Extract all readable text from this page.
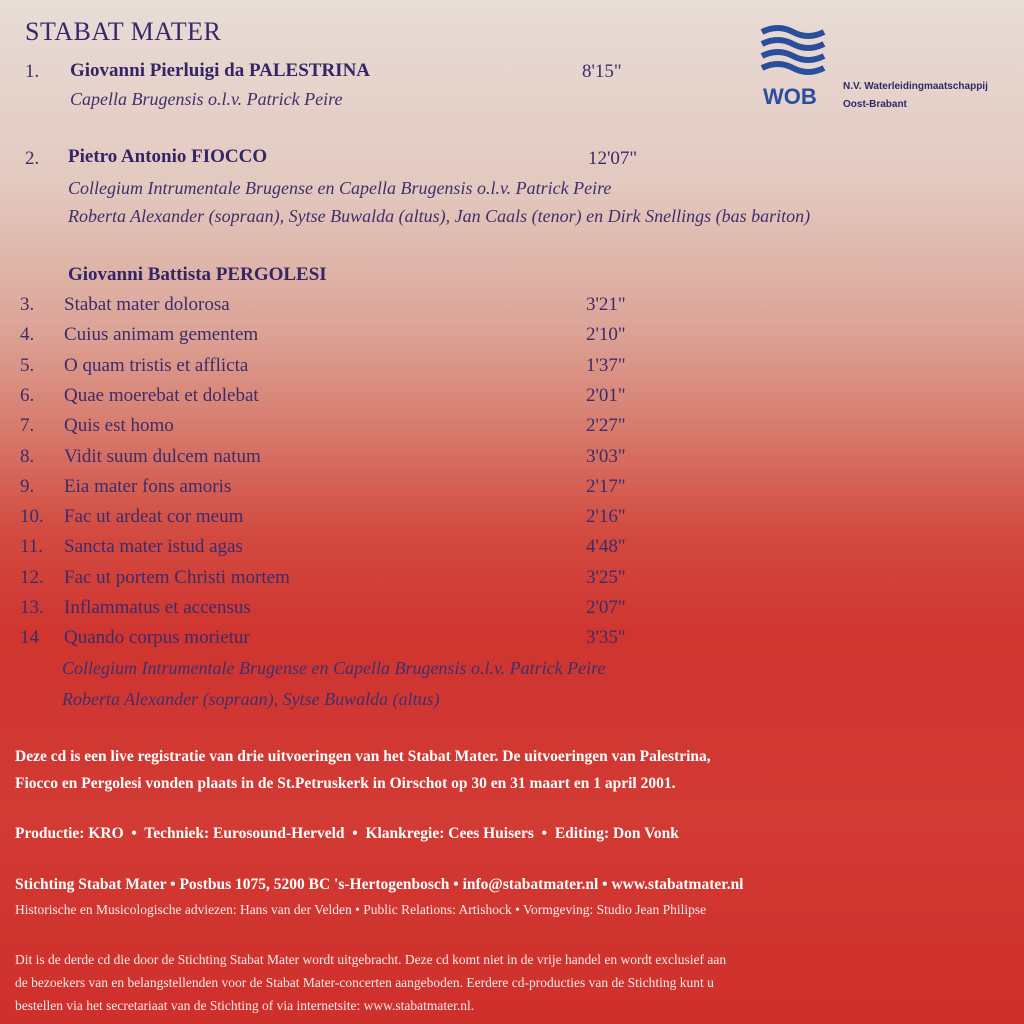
STABAT MATER
WOB	N.V. Waterleidingmaatschappij
Oost-Brabant
1. Giovanni Pierluigi da PALESTRINA	8'15"
Capella Brugensis o.l.v. Patrick Peire
2. Pietro Antonio FIOCCO	12'07"
Collegium Intrumentale Brugense en Capella Brugensis o.l.v. Patrick Peire
Roberta Alexander (sopraan), Sytse Buwalda (altus), Jan Caals (tenor) en Dirk Snellings (bas bariton)
Giovanni Battista PERGOLESI
3. Stabat mater dolorosa	3'21"
4. Cuius animam gementem	2'10"
5. O quam tristis et afflicta	1'37"
6. Quae moerebat et dolebat	2'01"
7. Quis est homo	2'27"
8. Vidit suum dulcem natum	3'03"
9. Eia mater fons amoris	2'17"
10. Fac ut ardeat cor meum	2'16"
11. Sancta mater istud agas	4'48"
12. Fac ut portem Christi mortem	3'25"
13. Inflammatus et accensus	2'07"
14 Quando corpus morietur	3'35"
Collegium Intrumentale Brugense en Capella Brugensis o.l.v. Patrick Peire
Roberta Alexander (sopraan), Sytse Buwalda (altus)
Deze cd is een live registratie van drie uitvoeringen van het Stabat Mater. De uitvoeringen van Palestrina,
Fiocco en Pergolesi vonden plaats in de St.Petruskerk in Oirschot op 30 en 31 maart en 1 april 2001.
Productie: KRO  •  Techniek: Eurosound-Herveld  •  Klankregie: Cees Huisers  •  Editing: Don Vonk
Stichting Stabat Mater • Postbus 1075, 5200 BC 's-Hertogenbosch • info@stabatmater.nl • www.stabatmater.nl
Historische en Musicologische adviezen: Hans van der Velden • Public Relations: Artishock • Vormgeving: Studio Jean Philipse
Dit is de derde cd die door de Stichting Stabat Mater wordt uitgebracht. Deze cd komt niet in de vrije handel en wordt exclusief aan
de bezoekers van en belangstellenden voor de Stabat Mater-concerten aangeboden. Eerdere cd-producties van de Stichting kunt u
bestellen via het secretariaat van de Stichting of via internetsite: www.stabatmater.nl.
